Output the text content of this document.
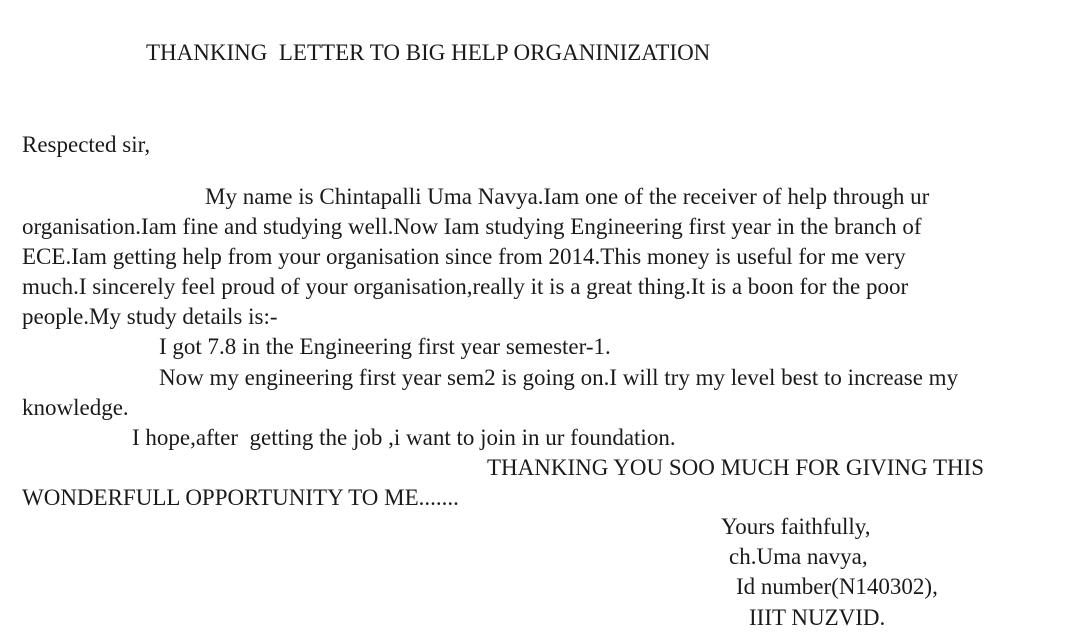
THANKING  LETTER TO BIG HELP ORGANINIZATION

Respected sir,

My name is Chintapalli Uma Navya.Iam one of the receiver of help through ur

organisation.Iam fine and studying well.Now Iam studying Engineering first year in the branch of

ECE.Iam getting help from your organisation since from 2014.This money is useful for me very

much.I sincerely feel proud of your organisation,really it is a great thing.It is a boon for the poor

people.My study details is:-

I got 7.8 in the Engineering first year semester-1.

Now my engineering first year sem2 is going on.I will try my level best to increase my

knowledge.

I hope,after  getting the job ,i want to join in ur foundation.

THANKING YOU SOO MUCH FOR GIVING THIS

WONDERFULL OPPORTUNITY TO ME.......

Yours faithfully,

ch.Uma navya,

Id number(N140302),

IIIT NUZVID.
